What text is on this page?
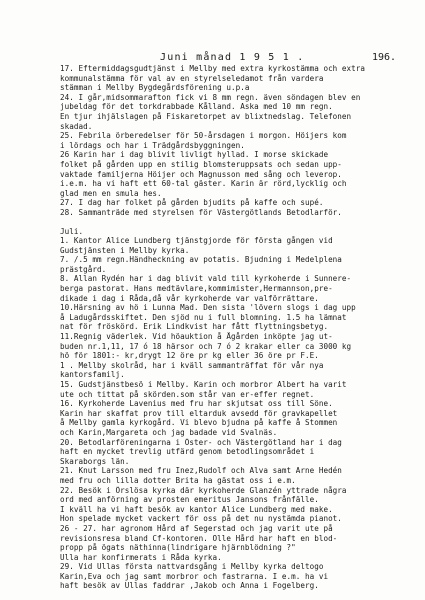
Juni månad 1 9 5 1 .	196.
17. Eftermiddagsgudtjänst i Mellby med extra kyrkostämma och extra
kommunalstämma för val av en styrelseledamot från vardera
stämman i Mellby Bygdegårdsförening u.p.a
24. I går,midsommarafton fick vi 8 mm regn. även söndagen blev en
jubeldag för det torkdrabbade Kålland. Aska med 10 mm regn.
En tjur ihjälslagen på Fiskaretorpet av blixtnedslag. Telefonen
skadad.
25. Febrila örberedelser för 50-årsdagen i morgon. Höijers kom
i lördags och har i Trädgårdsbyggningen.
26 Karin har i dag blivit livligt hyllad. I morse skickade
folket på gården upp en stilig blomsteruppsats och sedan upp-
vaktade familjerna Höijer och Magnusson med sång och leverop.
i.e.m. ha vi haft ett 60-tal gäster. Karin är rörd,lycklig och
glad men en smula hes.
27. I dag har folket på gården bjudits på kaffe och supé.
28. Sammanträde med styrelsen för Västergötlands Betodlarför.
Juli.
1. Kantor Alice Lundberg tjänstgjorde för första gången vid
Gudstjänsten i Mellby kyrka.
7. /.5 mm regn.Händheckning av potatis. Bjudning i Medelplena
prästgård.
8. Allan Rydén har i dag blivit vald till kyrkoherde i Sunnere-
berga pastorat. Hans medtävlare,kommimister,Hermannson,pre-
dikade i dag i Råda,då vår kyrkoherde var valförrättare.
10.Härsning av hö i Lunna Mad. Den sista 'lövern slogs i dag upp
å Ladugårdsskiftet. Den sjöd nu i full blomning. 1.5 ha lämnat
nat för fröskörd. Erik Lindkvist har fått flyttningsbetyg.
11.Regnig väderlek. Vid höauktion å Ågården inköpte jag ut-
buden nr.1,11, 17 ó 18 härsor och 7 ó 2 krakar eller ca 3000 kg
hö för 1801:- kr,drygt 12 öre pr kg eller 36 öre pr F.E.
1 . Mellby skolråd, har i kväll sammanträffat för vår nya
kantorsfamilj.
15. Gudstjänstbesö i Mellby. Karin och morbror Albert ha varit
ute och tittat på skörden.som står van er-effer regnet.
16. Kyrkoherde Lavenius med fru har skjutsat oss till Söne.
Karin har skaffat prov till eltarduk avsedd för gravkapellet
å Mellby gamla kyrkogård. Vi blevo bjudna på kaffe å Stommen
och Karin,Margareta och jag badade vid Svalnäs.
20. Betodlarföreningarna i Öster- och Västergötland har i dag
haft en mycket trevlig utfärd genom betodlingsområdet i
Skaraborgs län.
21. Knut Larsson med fru Inez,Rudolf och Alva samt Arne Hedén
med fru och lilla dotter Brita ha gästat oss i e.m.
22. Besök i Örslösa kyrka där kyrkoherde Glanzén yttrade några
ord med anförning av prosten emeritus Jansons frånfälle.
I kväll ha vi haft besök av kantor Alice Lundberg med make.
Hon spelade mycket vackert för oss på det nu nystämda pianot.
26 - 27. har agronom Hård af Segerstad och jag varit ute på
revisionsresa bland Cf-kontoren. Olle Hård har haft en blod-
propp på ögats näthinna(lindrigare hjärnblödning ?"
Ulla har konfirmerats i Råda kyrka.
29. Vid Ullas första nattvardsgång i Mellby kyrka deltogo
Karin,Eva och jag samt morbror och fastrarna. I e.m. ha vi
haft besök av Ullas faddrar ,Jakob och Anna i Fogelberg.
